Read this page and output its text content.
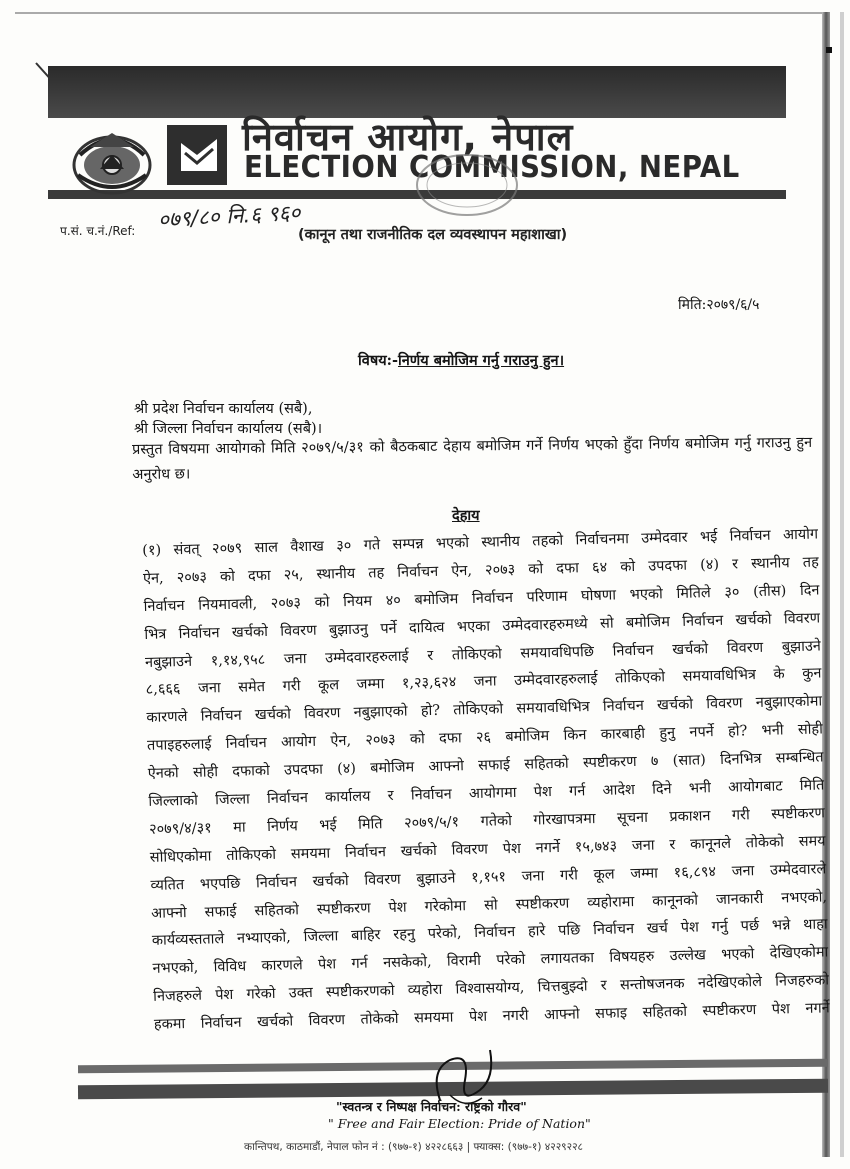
निर्वाचन आयोग, नेपाल
ELECTION COMMISSION, NEPAL
प.सं. च.नं./Ref: ०७९/८० नि.६ ९६०
(कानून तथा राजनीतिक दल व्यवस्थापन महाशाखा)
मिति:२०७९/६/५
विषय:-निर्णय बमोजिम गर्नु गराउनु हुन।
श्री प्रदेश निर्वाचन कार्यालय (सबै),
श्री जिल्ला निर्वाचन कार्यालय (सबै)।
प्रस्तुत विषयमा आयोगको मिति २०७९/५/३१ को बैठकबाट देहाय बमोजिम गर्ने निर्णय भएको हुँदा निर्णय बमोजिम गर्नु गराउनु हुन अनुरोध छ।
देहाय
(१) संवत् २०७९ साल वैशाख ३० गते सम्पन्न भएको स्थानीय तहको निर्वाचनमा उम्मेदवार भई निर्वाचन आयोग
ऐन, २०७३ को दफा २५, स्थानीय तह निर्वाचन ऐन, २०७३ को दफा ६४ को उपदफा (४) र स्थानीय तह
निर्वाचन नियमावली, २०७३ को नियम ४० बमोजिम निर्वाचन परिणाम घोषणा भएको मितिले ३० (तीस) दिन
भित्र निर्वाचन खर्चको विवरण बुझाउनु पर्ने दायित्व भएका उम्मेदवारहरुमध्ये सो बमोजिम निर्वाचन खर्चको विवरण
नबुझाउने १,१४,९५८ जना उम्मेदवारहरुलाई र तोकिएको समयावधिपछि निर्वाचन खर्चको विवरण बुझाउने
८,६६६ जना समेत गरी कूल जम्मा १,२३,६२४ जना उम्मेदवारहरुलाई तोकिएको समयावधिभित्र के कुन
कारणले निर्वाचन खर्चको विवरण नबुझाएको हो? तोकिएको समयावधिभित्र निर्वाचन खर्चको विवरण नबुझाएकोमा
तपाइहरुलाई निर्वाचन आयोग ऐन, २०७३ को दफा २६ बमोजिम किन कारबाही हुनु नपर्ने हो? भनी सोही
ऐनको सोही दफाको उपदफा (४) बमोजिम आफ्नो सफाई सहितको स्पष्टीकरण ७ (सात) दिनभित्र सम्बन्धित
जिल्लाको जिल्ला निर्वाचन कार्यालय र निर्वाचन आयोगमा पेश गर्न आदेश दिने भनी आयोगबाट मिति
२०७९/४/३१ मा निर्णय भई मिति २०७९/५/१ गतेको गोरखापत्रमा सूचना प्रकाशन गरी स्पष्टीकरण
सोधिएकोमा तोकिएको समयमा निर्वाचन खर्चको विवरण पेश नगर्ने १५,७४३ जना र कानूनले तोकेको समय
व्यतित भएपछि निर्वाचन खर्चको विवरण बुझाउने १,१५१ जना गरी कूल जम्मा १६,८९४ जना उम्मेदवारले
आफ्नो सफाई सहितको स्पष्टीकरण पेश गरेकोमा सो स्पष्टीकरण व्यहोरामा कानूनको जानकारी नभएको,
कार्यव्यस्तताले नभ्याएको, जिल्ला बाहिर रहनु परेको, निर्वाचन हारे पछि निर्वाचन खर्च पेश गर्नु पर्छ भन्ने थाहा
नभएको, विविध कारणले पेश गर्न नसकेको, विरामी परेको लगायतका विषयहरु उल्लेख भएको देखिएकोमा
निजहरुले पेश गरेको उक्त स्पष्टीकरणको व्यहोरा विश्वासयोग्य, चित्तबुझ्दो र सन्तोषजनक नदेखिएकोले निजहरुको
हकमा निर्वाचन खर्चको विवरण तोकेको समयमा पेश नगरी आफ्नो सफाइ सहितको स्पष्टीकरण पेश नगर्ने
"स्वतन्त्र र निष्पक्ष निर्वाचन: राष्ट्रको गौरव"
" Free and Fair Election: Pride of Nation"
कान्तिपथ, काठमाडौं, नेपाल फोन नं : (९७७-१) ४२२८६६३ | फ्याक्स: (९७७-१) ४२२९२२८
